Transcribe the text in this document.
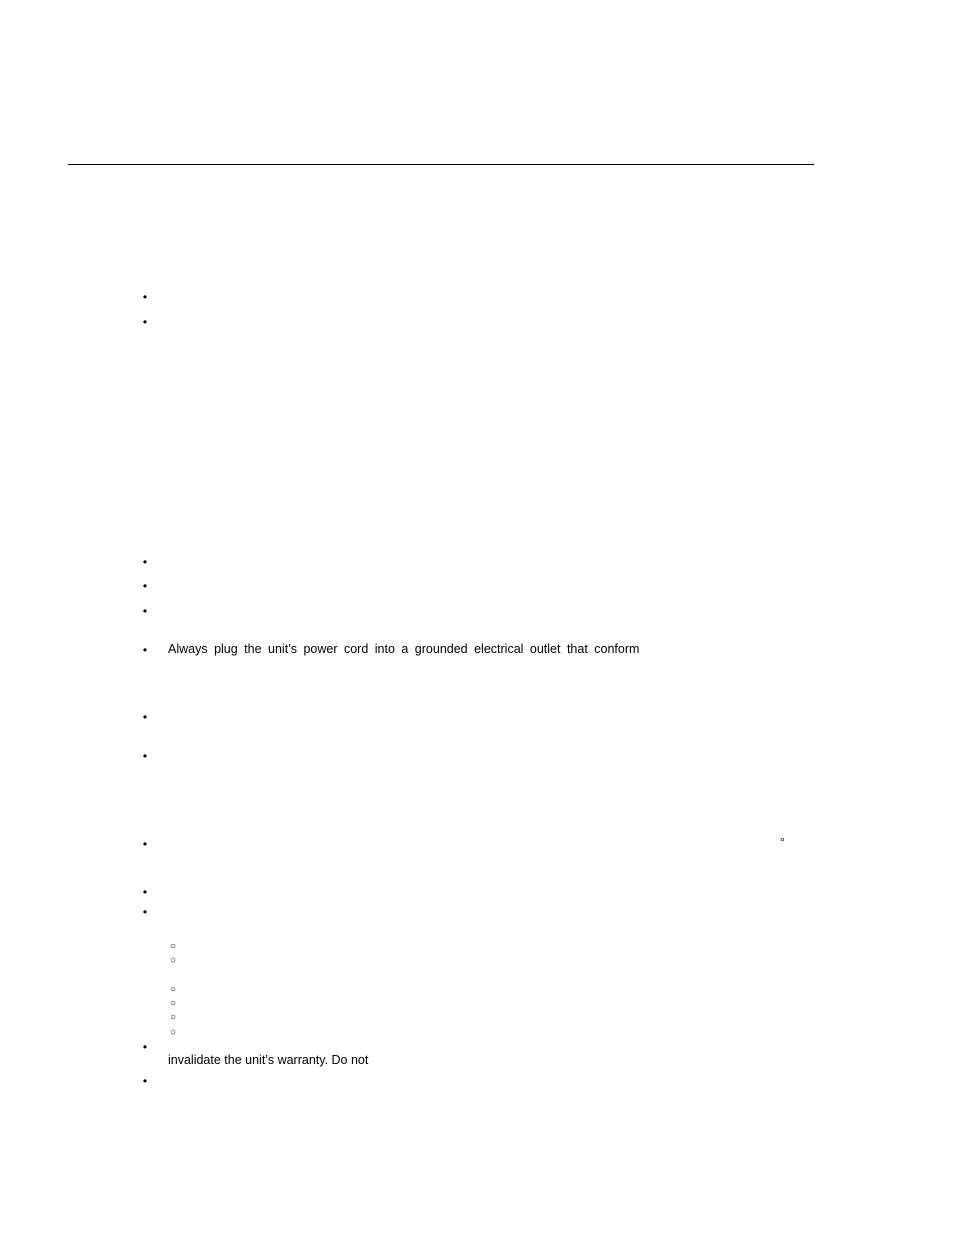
•
•
•
•
•
• Always plug the unit’s power cord into a grounded electrical outlet that conform
•
•
•	°
•
•
○
○
○
○
○
○
•
invalidate the unit’s warranty. Do not
•
